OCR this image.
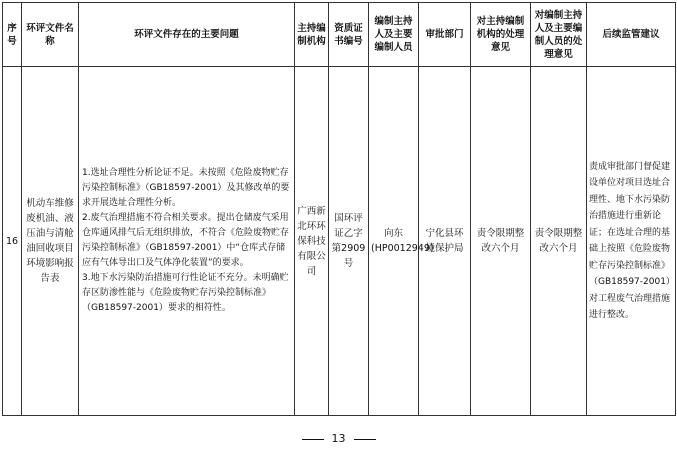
序号	环评文件名称	环评文件存在的主要问题	主持编制机构	资质证书编号	编制主持人及主要编制人员	审批部门	对主持编制机构的处理意见	对编制主持人及主要编制人员的处理意见	后续监管建议
16	机动车维修废机油、液压油与清舱油回收项目环境影响报告表	1.选址合理性分析论证不足。未按照《危险废物贮存污染控制标准》（GB18597-2001）及其修改单的要求开展选址合理性分析。
2.废气治理措施不符合相关要求。提出仓储废气采用仓库通风排气后无组织排放，不符合《危险废物贮存污染控制标准》（GB18597-2001）中“仓库式存储应有气体导出口及气体净化装置”的要求。
3.地下水污染防治措施可行性论证不充分。未明确贮存区防渗性能与《危险废物贮存污染控制标准》（GB18597-2001）要求的相符性。	广西新北环环保科技有限公司	国环评证乙字第2909号	向东(HP0012949)	宁化县环境保护局	责令限期整改六个月	责令限期整改六个月	责成审批部门督促建设单位对项目选址合理性、地下水污染防治措施进行重新论证；在选址合理的基础上按照《危险废物贮存污染控制标准》（GB18597-2001）对工程废气治理措施进行整改。
13
